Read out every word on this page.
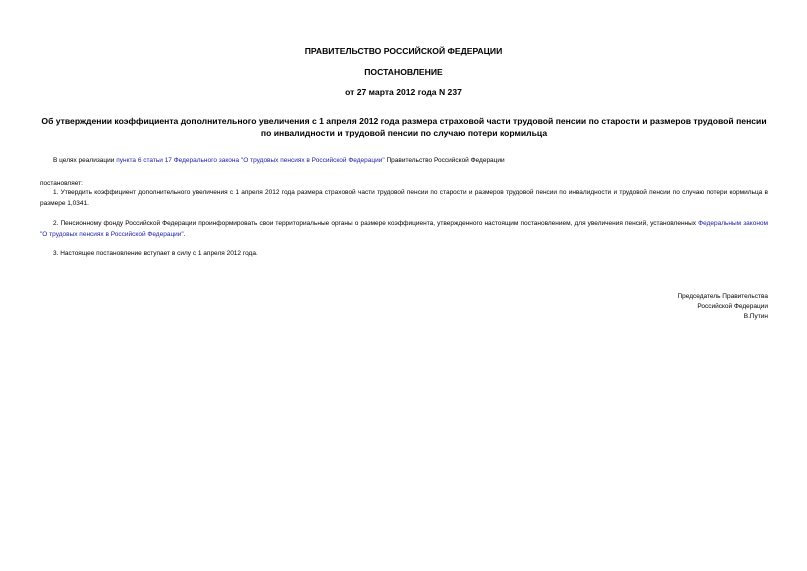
ПРАВИТЕЛЬСТВО РОССИЙСКОЙ ФЕДЕРАЦИИ
ПОСТАНОВЛЕНИЕ
от 27 марта 2012 года N 237
Об утверждении коэффициента дополнительного увеличения с 1 апреля 2012 года размера страховой части трудовой пенсии по старости и размеров трудовой пенсии по инвалидности и трудовой пенсии по случаю потери кормильца
В целях реализации пункта 6 статьи 17 Федерального закона "О трудовых пенсиях в Российской Федерации" Правительство Российской Федерации
постановляет:
1. Утвердить коэффициент дополнительного увеличения с 1 апреля 2012 года размера страховой части трудовой пенсии по старости и размеров трудовой пенсии по инвалидности и трудовой пенсии по случаю потери кормильца в размере 1,0341.
2. Пенсионному фонду Российской Федерации проинформировать свои территориальные органы о размере коэффициента, утвержденного настоящим постановлением, для увеличения пенсий, установленных Федеральным законом "О трудовых пенсиях в Российской Федерации".
3. Настоящее постановление вступает в силу с 1 апреля 2012 года.
Председатель Правительства
Российской Федерации
В.Путин
